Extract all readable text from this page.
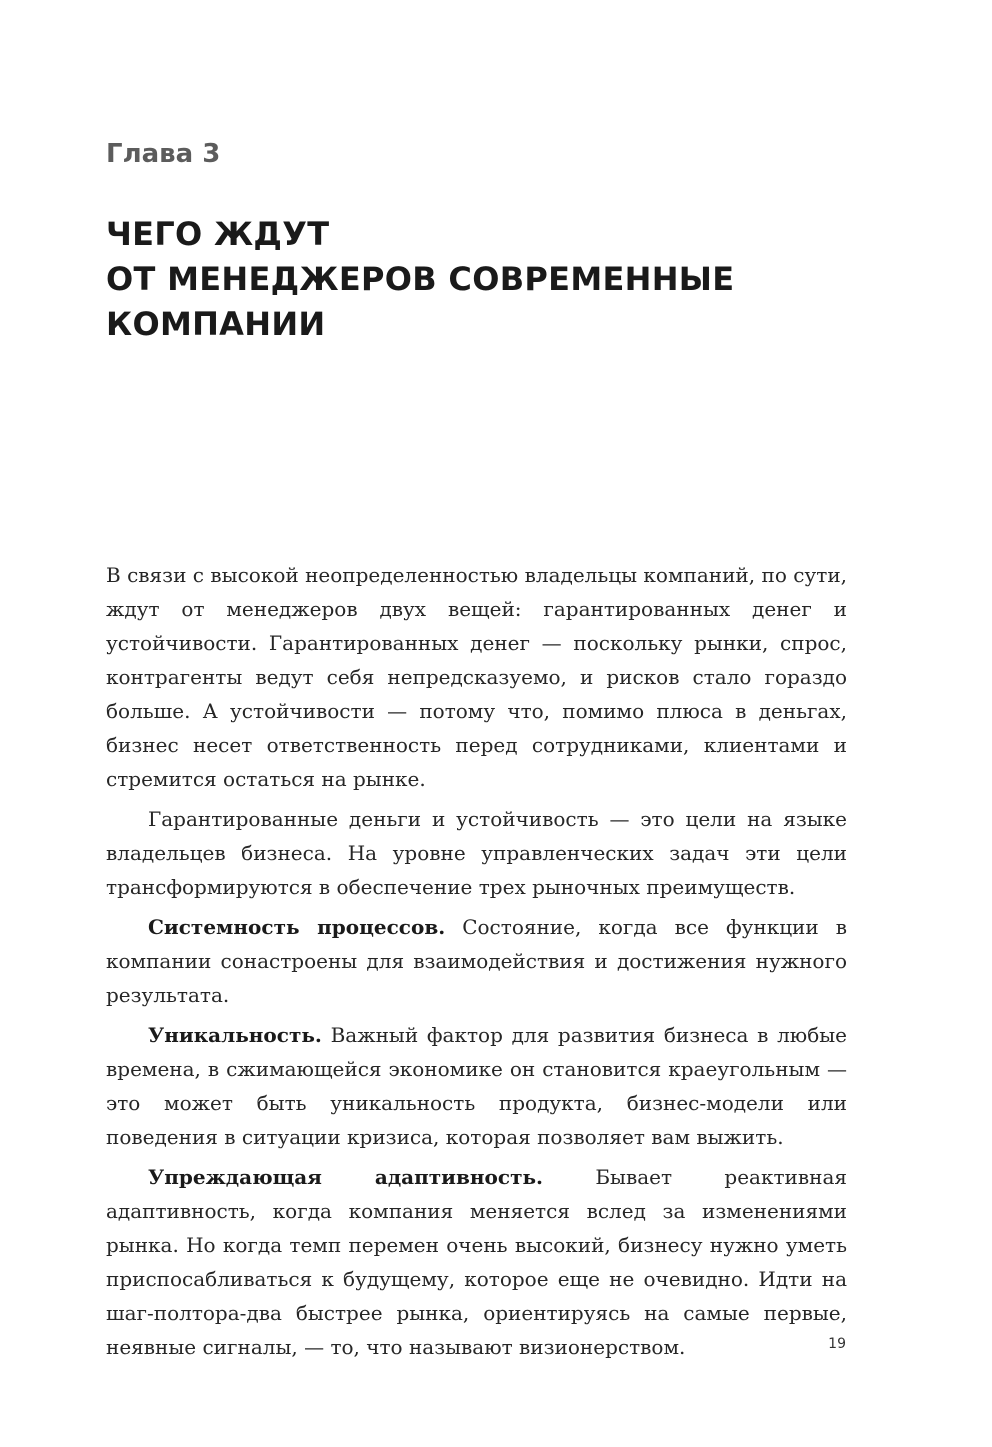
Глава 3
ЧЕГО ЖДУТ
ОТ МЕНЕДЖЕРОВ СОВРЕМЕННЫЕ
КОМПАНИИ

В связи с высокой неопределенностью владельцы компаний, по сути, ждут от менеджеров двух вещей: гарантированных денег и устойчивости. Гарантированных денег — поскольку рынки, спрос, контрагенты ведут себя непредсказуемо, и рисков стало гораздо больше. А устойчивости — потому что, помимо плюса в деньгах, бизнес несет ответственность перед сотрудниками, клиентами и стремится остаться на рынке.

Гарантированные деньги и устойчивость — это цели на языке владельцев бизнеса. На уровне управленческих задач эти цели трансформируются в обеспечение трех рыночных преимуществ.

Системность процессов. Состояние, когда все функции в компании сонастроены для взаимодействия и достижения нужного результата.

Уникальность. Важный фактор для развития бизнеса в любые времена, в сжимающейся экономике он становится краеугольным — это может быть уникальность продукта, бизнес-модели или поведения в ситуации кризиса, которая позволяет вам выжить.

Упреждающая адаптивность. Бывает реактивная адаптивность, когда компания меняется вслед за изменениями рынка. Но когда темп перемен очень высокий, бизнесу нужно уметь приспосабливаться к будущему, которое еще не очевидно. Идти на шаг-полтора-два быстрее рынка, ориентируясь на самые первые, неявные сигналы, — то, что называют визионерством.	19
